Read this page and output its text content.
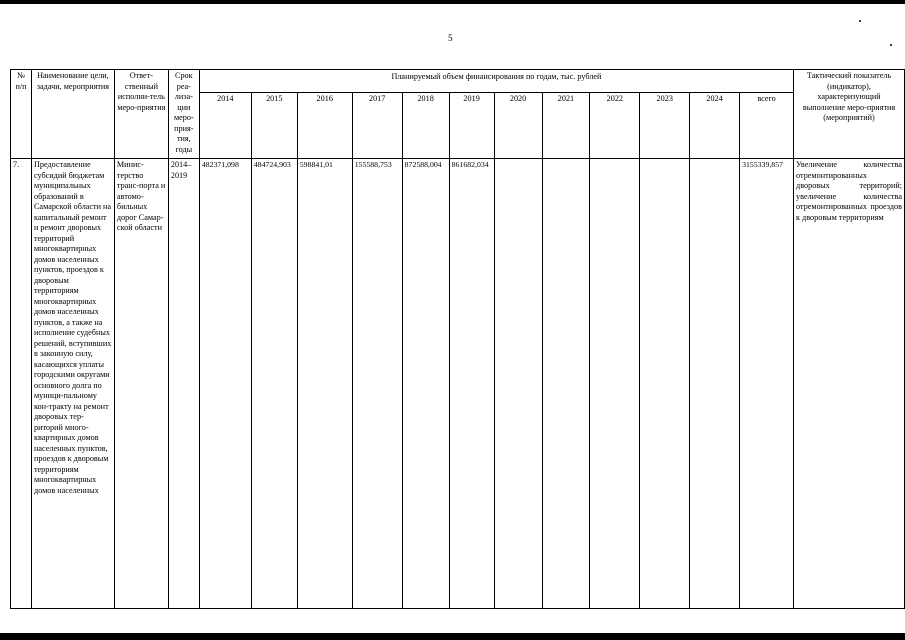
5
№ п/п	Наименование цели, задачи, мероприятия	Ответ-ственный исполни-тель меро-приятия	Срок реа-лиза-ции меро-прия-тия, годы	Планируемый объем финансирования по годам, тыс. рублей												Тактический показатель (индикатор), характеризующий выполнение меро-приятия (мероприятий)
				2014	2015	2016	2017	2018	2019	2020	2021	2022	2023	2024	всего	
7.	Предоставление субсидий бюджетам муниципальных образований в Самарской области на капитальный ремонт и ремонт дворовых территорий многоквартирных домов населенных пунктов, проездов к дворовым территориям многоквартирных домов населенных пунктов, а также на исполнение судебных решений, вступивших в законную силу, касающихся уплаты городскими округами основного долга по муници-пальному кон-тракту на ремонт дворовых тер-риторий много-квартирных домов населенных пунктов, проездов к дворовым территориям многоквартирных домов населенных	Минис-терство транс-порта и автомо-бильных дорог Самар-ской области	2014–2019	482371,098	484724,903	598841,01	155588,753	872588,004	861682,034						3155339,857	Увеличение количества отремонтированных дворовых территорий; увеличение количества отремонтированных проездов к дворовым территориям
